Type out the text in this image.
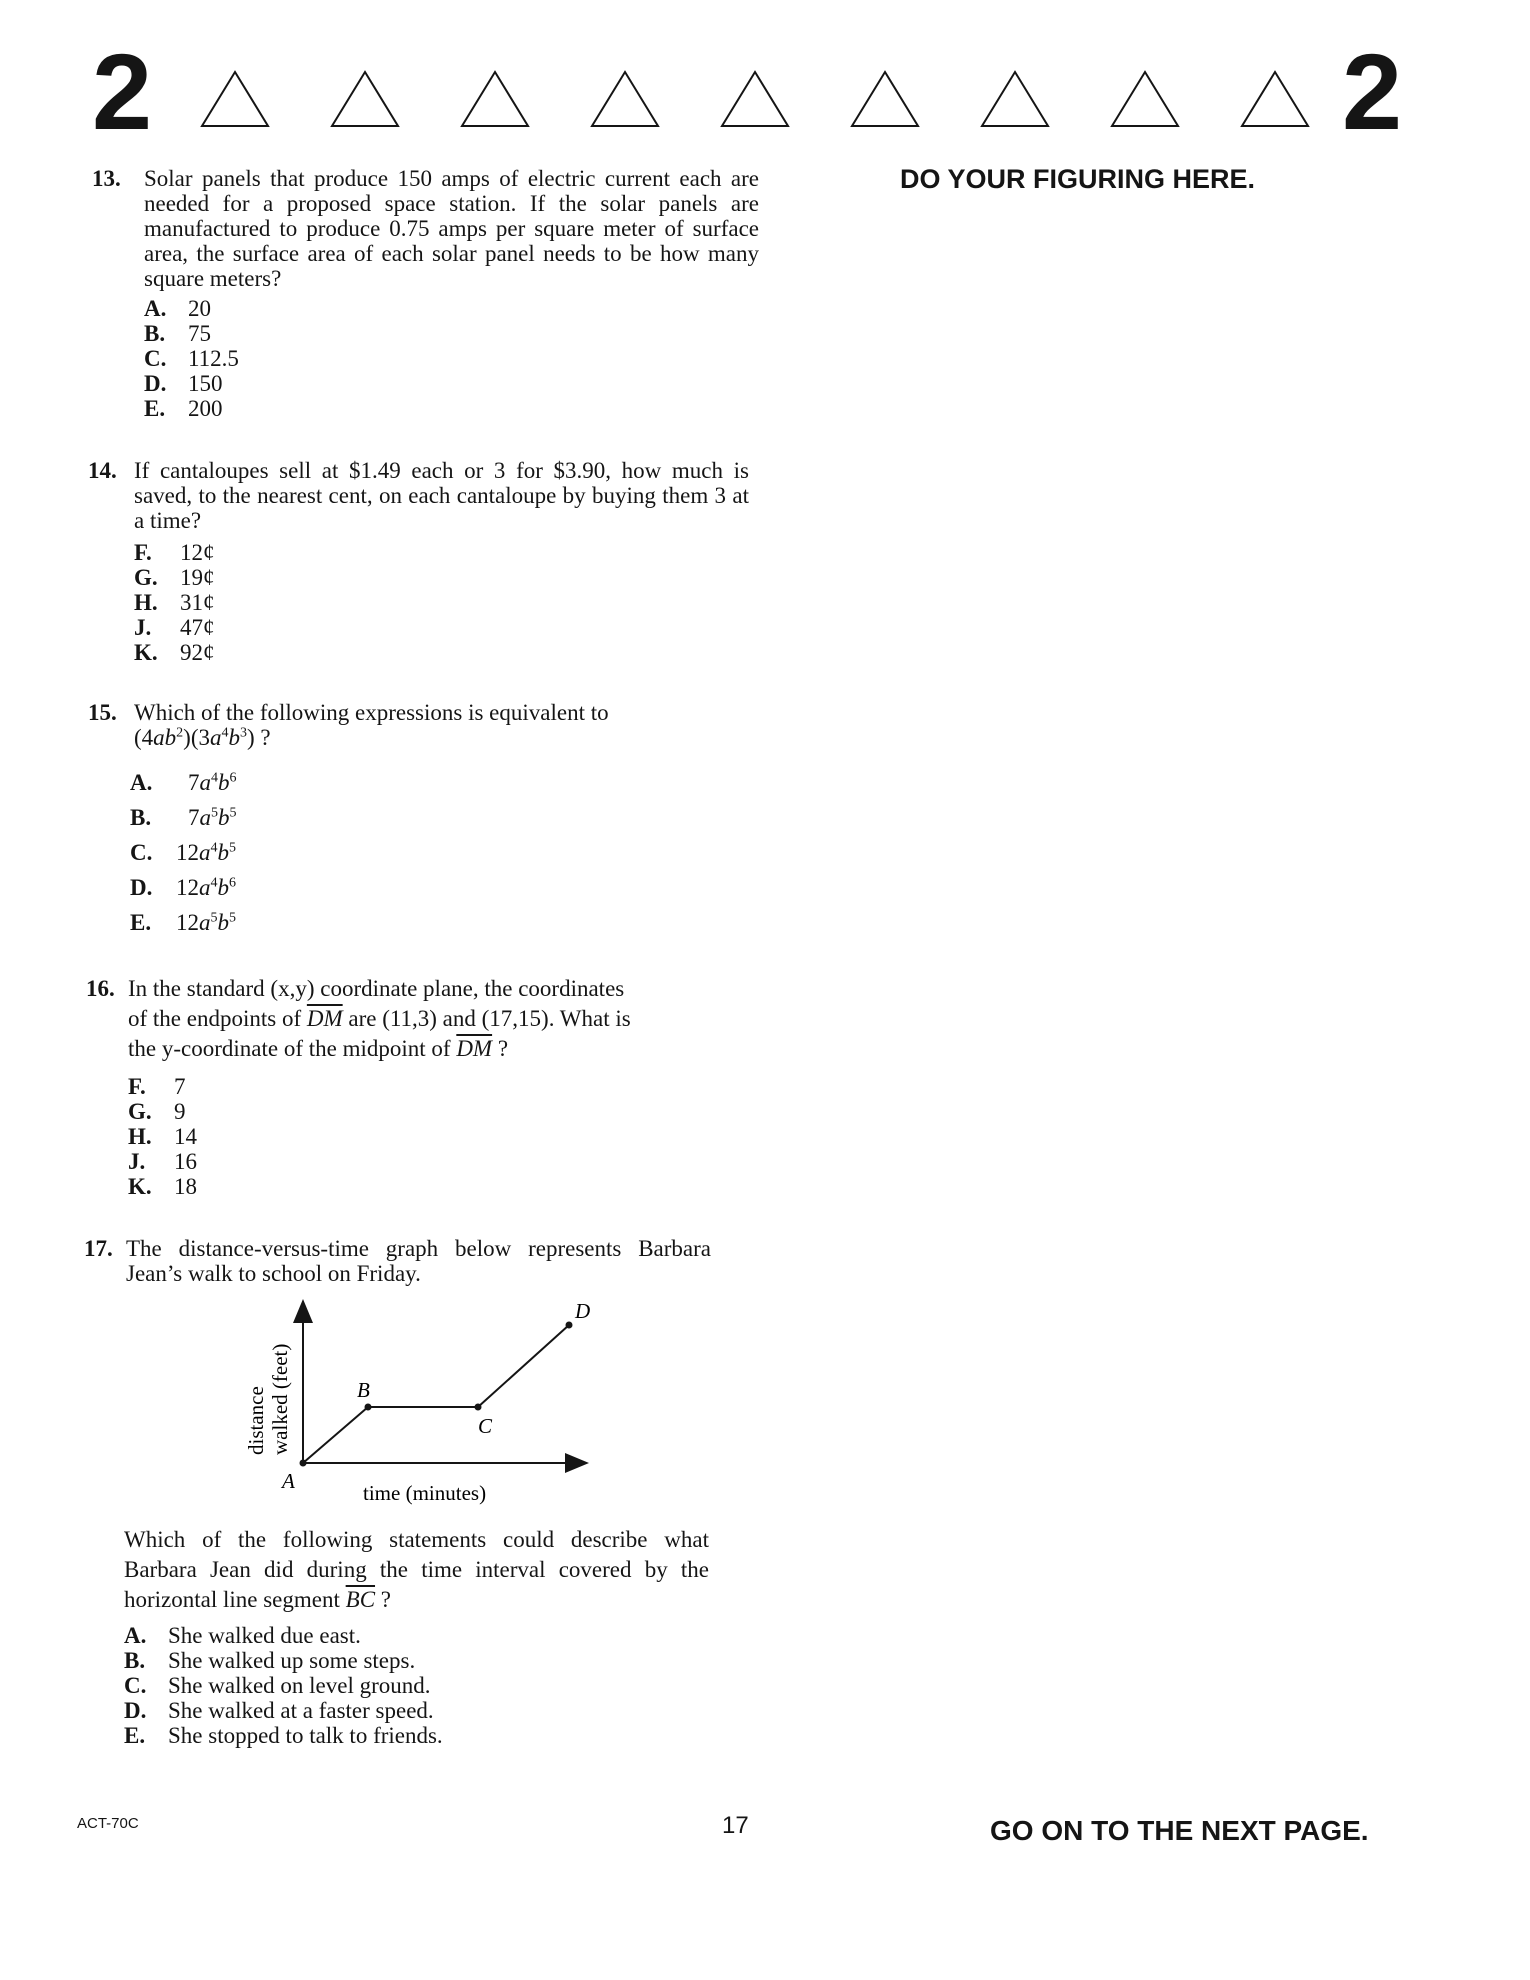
2	2
DO YOUR FIGURING HERE.
13. Solar panels that produce 150 amps of electric current each are needed for a proposed space station. If the solar panels are manufactured to produce 0.75 amps per square meter of surface area, the surface area of each solar panel needs to be how many square meters?
A. 20
B. 75
C. 112.5
D. 150
E. 200
14. If cantaloupes sell at $1.49 each or 3 for $3.90, how much is saved, to the nearest cent, on each cantaloupe by buying them 3 at a time?
F. 12¢
G. 19¢
H. 31¢
J. 47¢
K. 92¢
15. Which of the following expressions is equivalent to
$(4ab^2)(3a^4b^3)$ ?
A. $7a^4b^6$
B. $7a^5b^5$
C. $12a^4b^5$
D. $12a^4b^6$
E. $12a^5b^5$
16. In the standard (x,y) coordinate plane, the coordinates
of the endpoints of $\overline{DM}$ are (11,3) and (17,15). What is
the y-coordinate of the midpoint of $\overline{DM}$ ?
F. 7
G. 9
H. 14
J. 16
K. 18
17. The distance-versus-time graph below represents Barbara Jean’s walk to school on Friday.
A
B
C
D
distance walked (feet)
time (minutes)
Which of the following statements could describe what Barbara Jean did during the time interval covered by the horizontal line segment $\overline{BC}$ ?
A. She walked due east.
B. She walked up some steps.
C. She walked on level ground.
D. She walked at a faster speed.
E. She stopped to talk to friends.
ACT-70C	17	GO ON TO THE NEXT PAGE.
